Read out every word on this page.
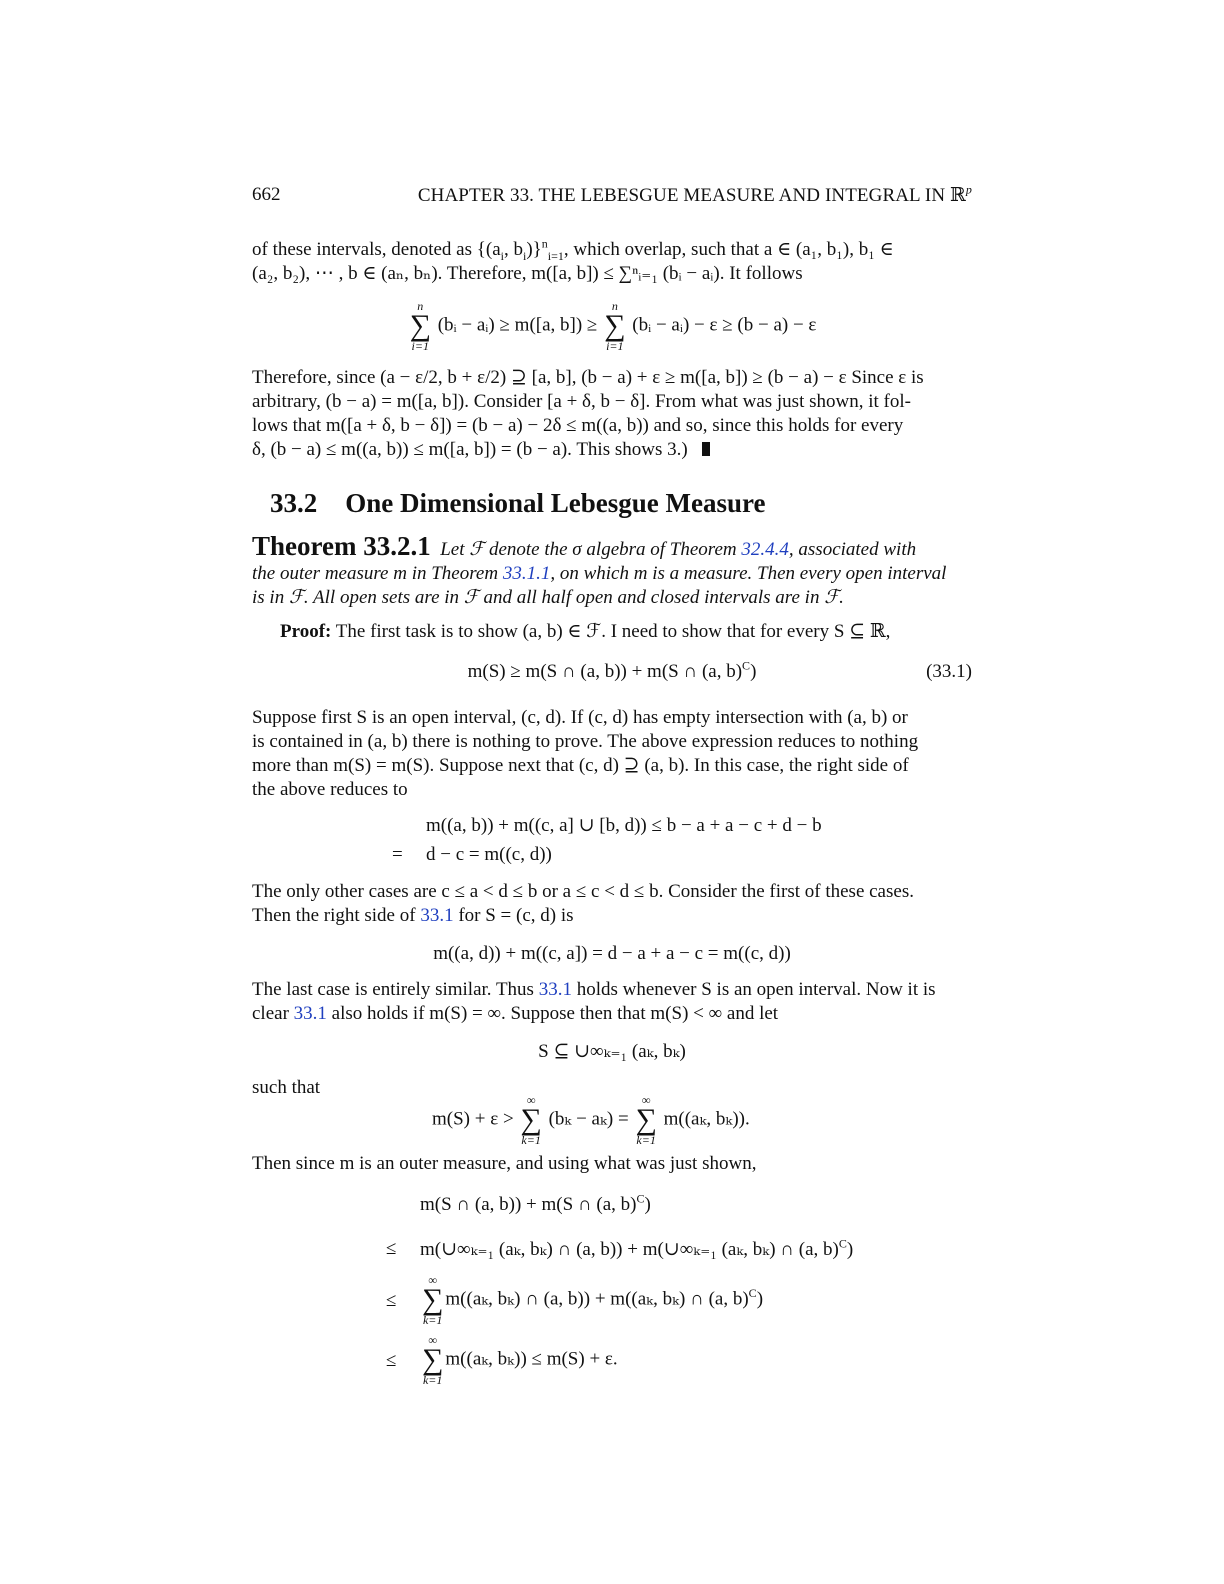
662	CHAPTER 33. THE LEBESGUE MEASURE AND INTEGRAL IN ℝ$^p$
of these intervals, denoted as {($a_i$, $b_i)\}^n_{i=1}$, which overlap, such that a ∈ (a₁, b₁), b₁ ∈
(a₂, b₂), ⋯ , b ∈ (aₙ, bₙ). Therefore, m([a, b]) ≤ ∑ⁿᵢ₌₁ (bᵢ − aᵢ). It follows
n
∑
i=1
(bᵢ − aᵢ) ≥ m([a, b]) ≥
n
∑
i=1
(bᵢ − aᵢ) − ε ≥ (b − a) − ε
Therefore, since (a − ε/2, b + ε/2) ⊇ [a, b], (b − a) + ε ≥ m([a, b]) ≥ (b − a) − ε Since ε is
arbitrary, (b − a) = m([a, b]). Consider [a + δ, b − δ]. From what was just shown, it fol-
lows that m([a + δ, b − δ]) = (b − a) − 2δ ≤ m((a, b)) and so, since this holds for every
δ, (b − a) ≤ m((a, b)) ≤ m([a, b]) = (b − a). This shows 3.)
33.2 One Dimensional Lebesgue Measure
Theorem 33.2.1 Let ℱ denote the σ algebra of Theorem 32.4.4, associated with
the outer measure m in Theorem 33.1.1, on which m is a measure. Then every open interval
is in ℱ. All open sets are in ℱ and all half open and closed intervals are in ℱ.
Proof: The first task is to show (a, b) ∈ ℱ. I need to show that for every S ⊆ ℝ,
m(S) ≥ m(S ∩ (a, b)) + m(S ∩ (a, b)$^C$)	(33.1)
Suppose first S is an open interval, (c, d). If (c, d) has empty intersection with (a, b) or
is contained in (a, b) there is nothing to prove. The above expression reduces to nothing
more than m(S) = m(S). Suppose next that (c, d) ⊇ (a, b). In this case, the right side of
the above reduces to
m((a, b)) + m((c, a] ∪ [b, d)) ≤ b − a + a − c + d − b
= d − c = m((c, d))
The only other cases are c ≤ a < d ≤ b or a ≤ c < d ≤ b. Consider the first of these cases.
Then the right side of 33.1 for S = (c, d) is
m((a, d)) + m((c, a]) = d − a + a − c = m((c, d))
The last case is entirely similar. Thus 33.1 holds whenever S is an open interval. Now it is
clear 33.1 also holds if m(S) = ∞. Suppose then that m(S) < ∞ and let
S ⊆ ∪∞ₖ₌₁ (aₖ, bₖ)
such that
m(S) + ε >
∞
∑
k=1
(bₖ − aₖ) =
∞
∑
k=1
m((aₖ, bₖ)).
Then since m is an outer measure, and using what was just shown,
m(S ∩ (a, b)) + m(S ∩ (a, b)$^C$)
≤ m(∪∞ₖ₌₁ (aₖ, bₖ) ∩ (a, b)) + m(∪∞ₖ₌₁ (aₖ, bₖ) ∩ (a, b)$^C$)
≤
∞
∑
k=1
m((aₖ, bₖ) ∩ (a, b)) + m((aₖ, bₖ) ∩ (a, b)$^C$)
≤
∞
∑
k=1
m((aₖ, bₖ)) ≤ m(S) + ε.
